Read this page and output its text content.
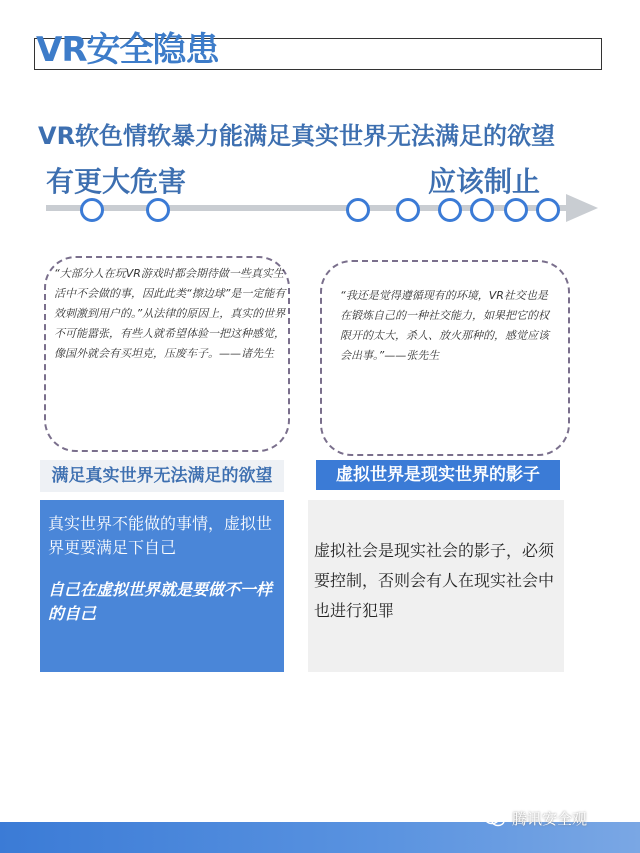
VR安全隐患
VR软色情软暴力能满足真实世界无法满足的欲望
有更大危害	应该制止
“大部分人在玩VR游戏时都会期待做一些真实生活中不会做的事，因此此类“擦边球”是一定能有效刺激到用户的。”从法律的原因上，真实的世界不可能嚣张，有些人就希望体验一把这种感觉，像国外就会有买坦克，压废车子。——诸先生
“我还是觉得遵循现有的环境，VR社交也是在锻炼自己的一种社交能力，如果把它的权限开的太大，杀人、放火那种的，感觉应该会出事。”——张先生
满足真实世界无法满足的欲望	虚拟世界是现实世界的影子
真实世界不能做的事情，虚拟世界更要满足下自己
自己在虚拟世界就是要做不一样的自己
虚拟社会是现实社会的影子，必须要控制，否则会有人在现实社会中也进行犯罪
腾讯安全观
